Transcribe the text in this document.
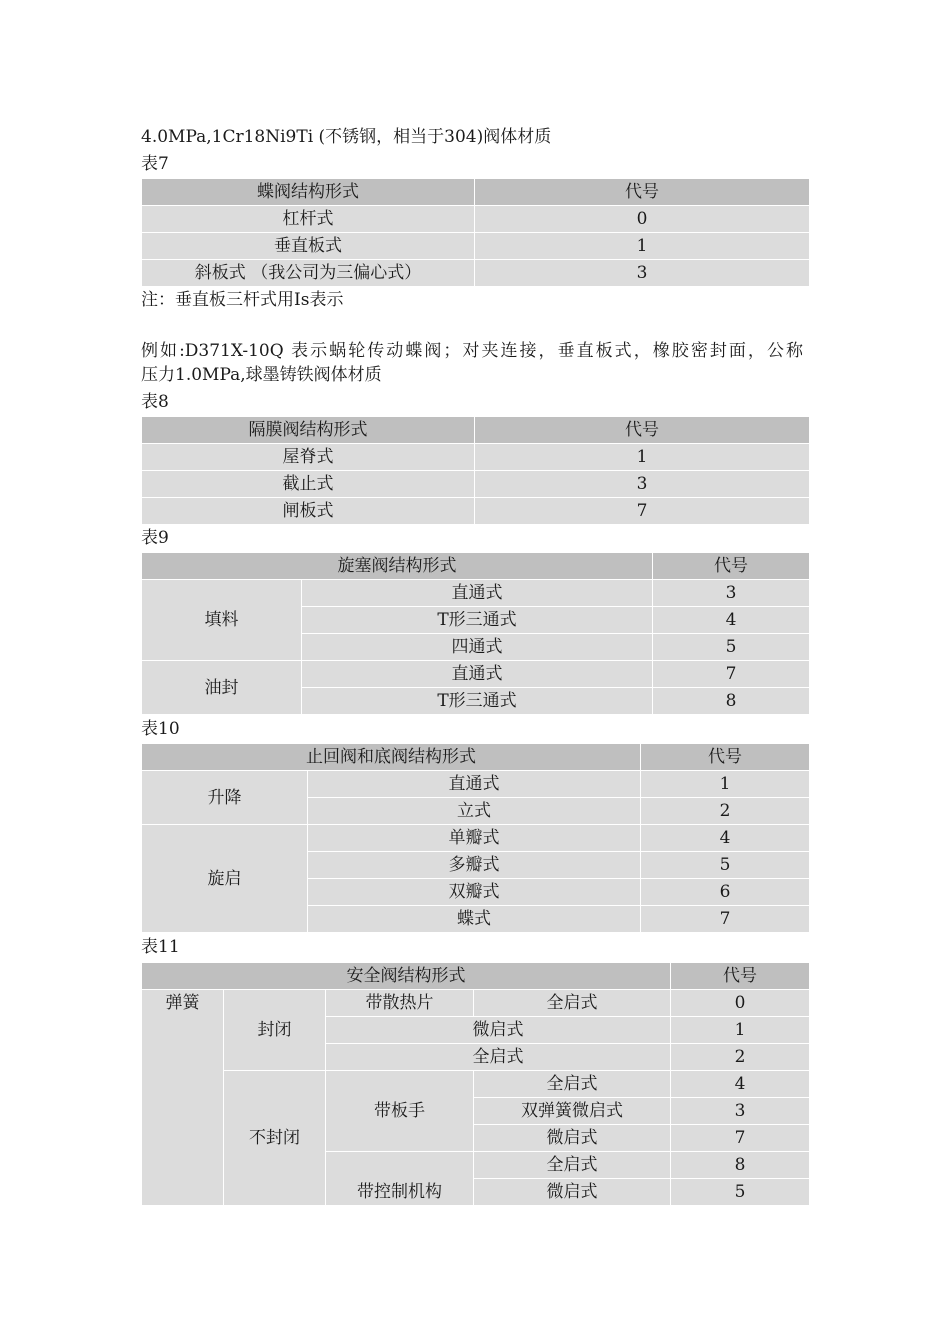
4.0MPa,1Cr18Ni9Ti (不锈钢，相当于304)阀体材质
表7
蝶阀结构形式	代号
杠杆式	0
垂直板式	1
斜板式 （我公司为三偏心式）	3
注：垂直板三杆式用Is表示
例如:D371X-10Q 表示蜗轮传动蝶阀；对夹连接，垂直板式，橡胶密封面，公称
压力1.0MPa,球墨铸铁阀体材质
表8
隔膜阀结构形式	代号
屋脊式	1
截止式	3
闸板式	7
表9
旋塞阀结构形式		代号
填料	直通式	3
	T形三通式	4
	四通式	5
油封	直通式	7
	T形三通式	8
表10
止回阀和底阀结构形式		代号
升降	直通式	1
	立式	2
旋启	单瓣式	4
	多瓣式	5
	双瓣式	6
	蝶式	7
表11
安全阀结构形式				代号
弹簧	封闭	带散热片	全启式	0
		微启式		1
		全启式		2
	不封闭	带板手	全启式	4
			双弹簧微启式	3
			微启式	7
		带控制机构	全启式	8
			微启式	5
